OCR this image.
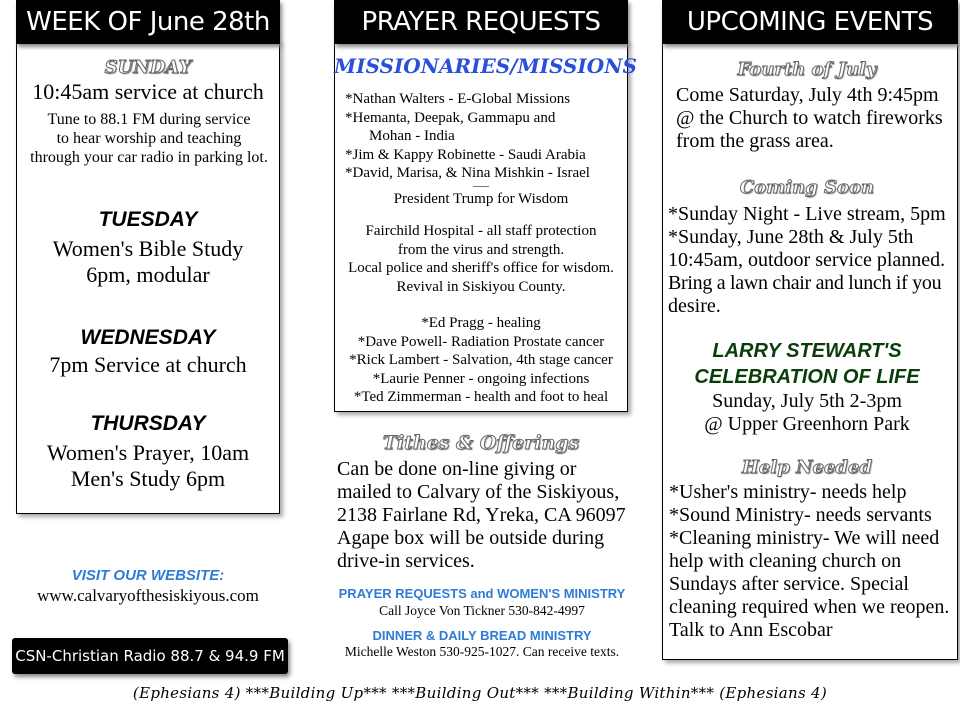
WEEK OF June 28th
SUNDAY
10:45am service at church
Tune to 88.1 FM during service
to hear worship and teaching
through your car radio in parking lot.
TUESDAY
Women's Bible Study
6pm, modular
WEDNESDAY
7pm Service at church
THURSDAY
Women's Prayer, 10am
Men's Study 6pm
VISIT OUR WEBSITE:
www.calvaryofthesiskiyous.com
CSN-Christian Radio 88.7 & 94.9 FM
PRAYER REQUESTS
MISSIONARIES/MISSIONS
*Nathan Walters - E-Global Missions
*Hemanta, Deepak, Gammapu and
Mohan - India
*Jim & Kappy Robinette - Saudi Arabia
*David, Marisa, & Nina Mishkin - Israel
President Trump for Wisdom
Fairchild Hospital - all staff protection
from the virus and strength.
Local police and sheriff's office for wisdom.
Revival in Siskiyou County.
*Ed Pragg - healing
*Dave Powell- Radiation Prostate cancer
*Rick Lambert - Salvation, 4th stage cancer
*Laurie Penner - ongoing infections
*Ted Zimmerman - health and foot to heal
Tithes & Offerings
Can be done on-line giving or
mailed to Calvary of the Siskiyous,
2138 Fairlane Rd, Yreka, CA 96097
Agape box will be outside during
drive-in services.
PRAYER REQUESTS and WOMEN'S MINISTRY
Call Joyce Von Tickner 530-842-4997
DINNER & DAILY BREAD MINISTRY
Michelle Weston 530-925-1027. Can receive texts.
UPCOMING EVENTS
Fourth of July
Come Saturday, July 4th 9:45pm
@ the Church to watch fireworks
from the grass area.
Coming Soon
*Sunday Night - Live stream, 5pm
*Sunday, June 28th & July 5th
10:45am, outdoor service planned.
Bring a lawn chair and lunch if you
desire.
LARRY STEWART'S
CELEBRATION OF LIFE
Sunday, July 5th 2-3pm
@ Upper Greenhorn Park
Help Needed
*Usher's ministry- needs help
*Sound Ministry- needs servants
*Cleaning ministry- We will need
help with cleaning church on
Sundays after service. Special
cleaning required when we reopen.
Talk to Ann Escobar
(Ephesians 4) ***Building Up*** ***Building Out*** ***Building Within*** (Ephesians 4)
